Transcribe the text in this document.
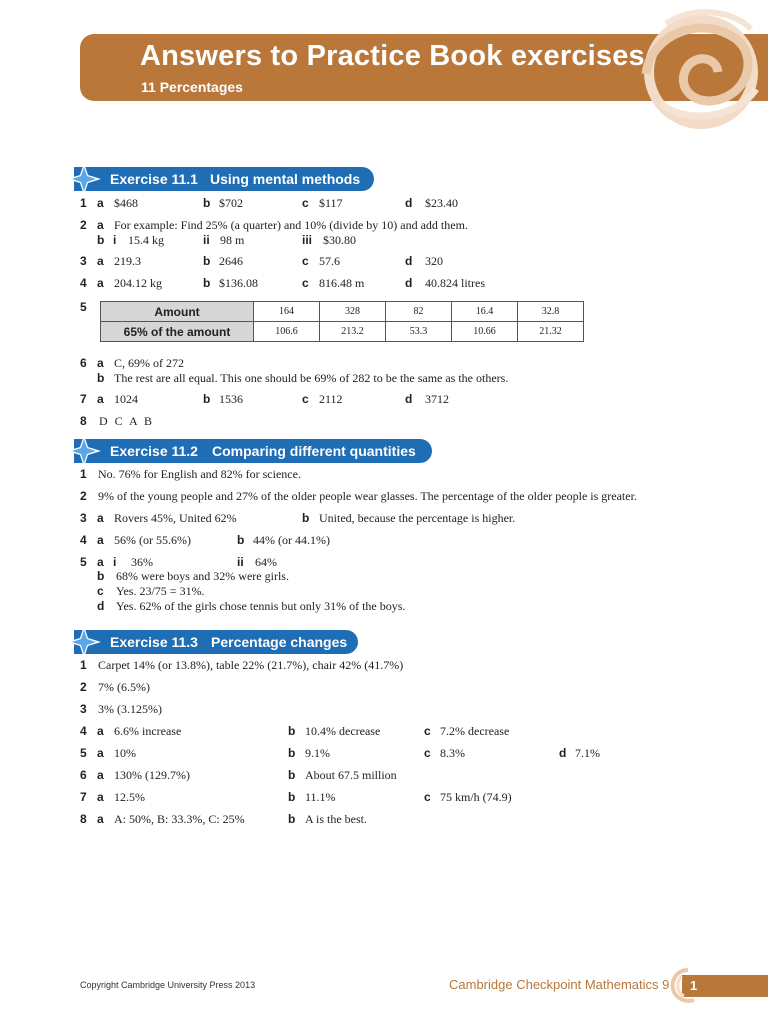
Answers to Practice Book exercises
11 Percentages
Exercise 11.1 Using mental methods
1 a $468	b $702	c $117	d $23.40
2 a For example: Find 25% (a quarter) and 10% (divide by 10) and add them.
b i 15.4 kg	ii 98 m	iii $30.80
3 a 219.3	b 2646	c 57.6	d 320
4 a 204.12 kg	b $136.08	c 816.48 m	d 40.824 litres
5	Amount	164	328	82	16.4	32.8
65% of the amount	106.6	213.2	53.3	10.66	21.32
6 a C, 69% of 272
b The rest are all equal. This one should be 69% of 282 to be the same as the others.
7 a 1024	b 1536	c 2112	d 3712
8 D C A B
Exercise 11.2 Comparing different quantities
1 No. 76% for English and 82% for science.
2 9% of the young people and 27% of the older people wear glasses. The percentage of the older people is greater.
3 a Rovers 45%, United 62%	b United, because the percentage is higher.
4 a 56% (or 55.6%)	b 44% (or 44.1%)
5 a i 36%	ii 64%
b 68% were boys and 32% were girls.
c Yes. 23/75 = 31%.
d Yes. 62% of the girls chose tennis but only 31% of the boys.
Exercise 11.3 Percentage changes
1 Carpet 14% (or 13.8%), table 22% (21.7%), chair 42% (41.7%)
2 7% (6.5%)
3 3% (3.125%)
4 a 6.6% increase	b 10.4% decrease	c 7.2% decrease
5 a 10%	b 9.1%	c 8.3%	d 7.1%
6 a 130% (129.7%)	b About 67.5 million
7 a 12.5%	b 11.1%	c 75 km/h (74.9)
8 a A: 50%, B: 33.3%, C: 25%	b A is the best.
Copyright Cambridge University Press 2013	Cambridge Checkpoint Mathematics 9 1
